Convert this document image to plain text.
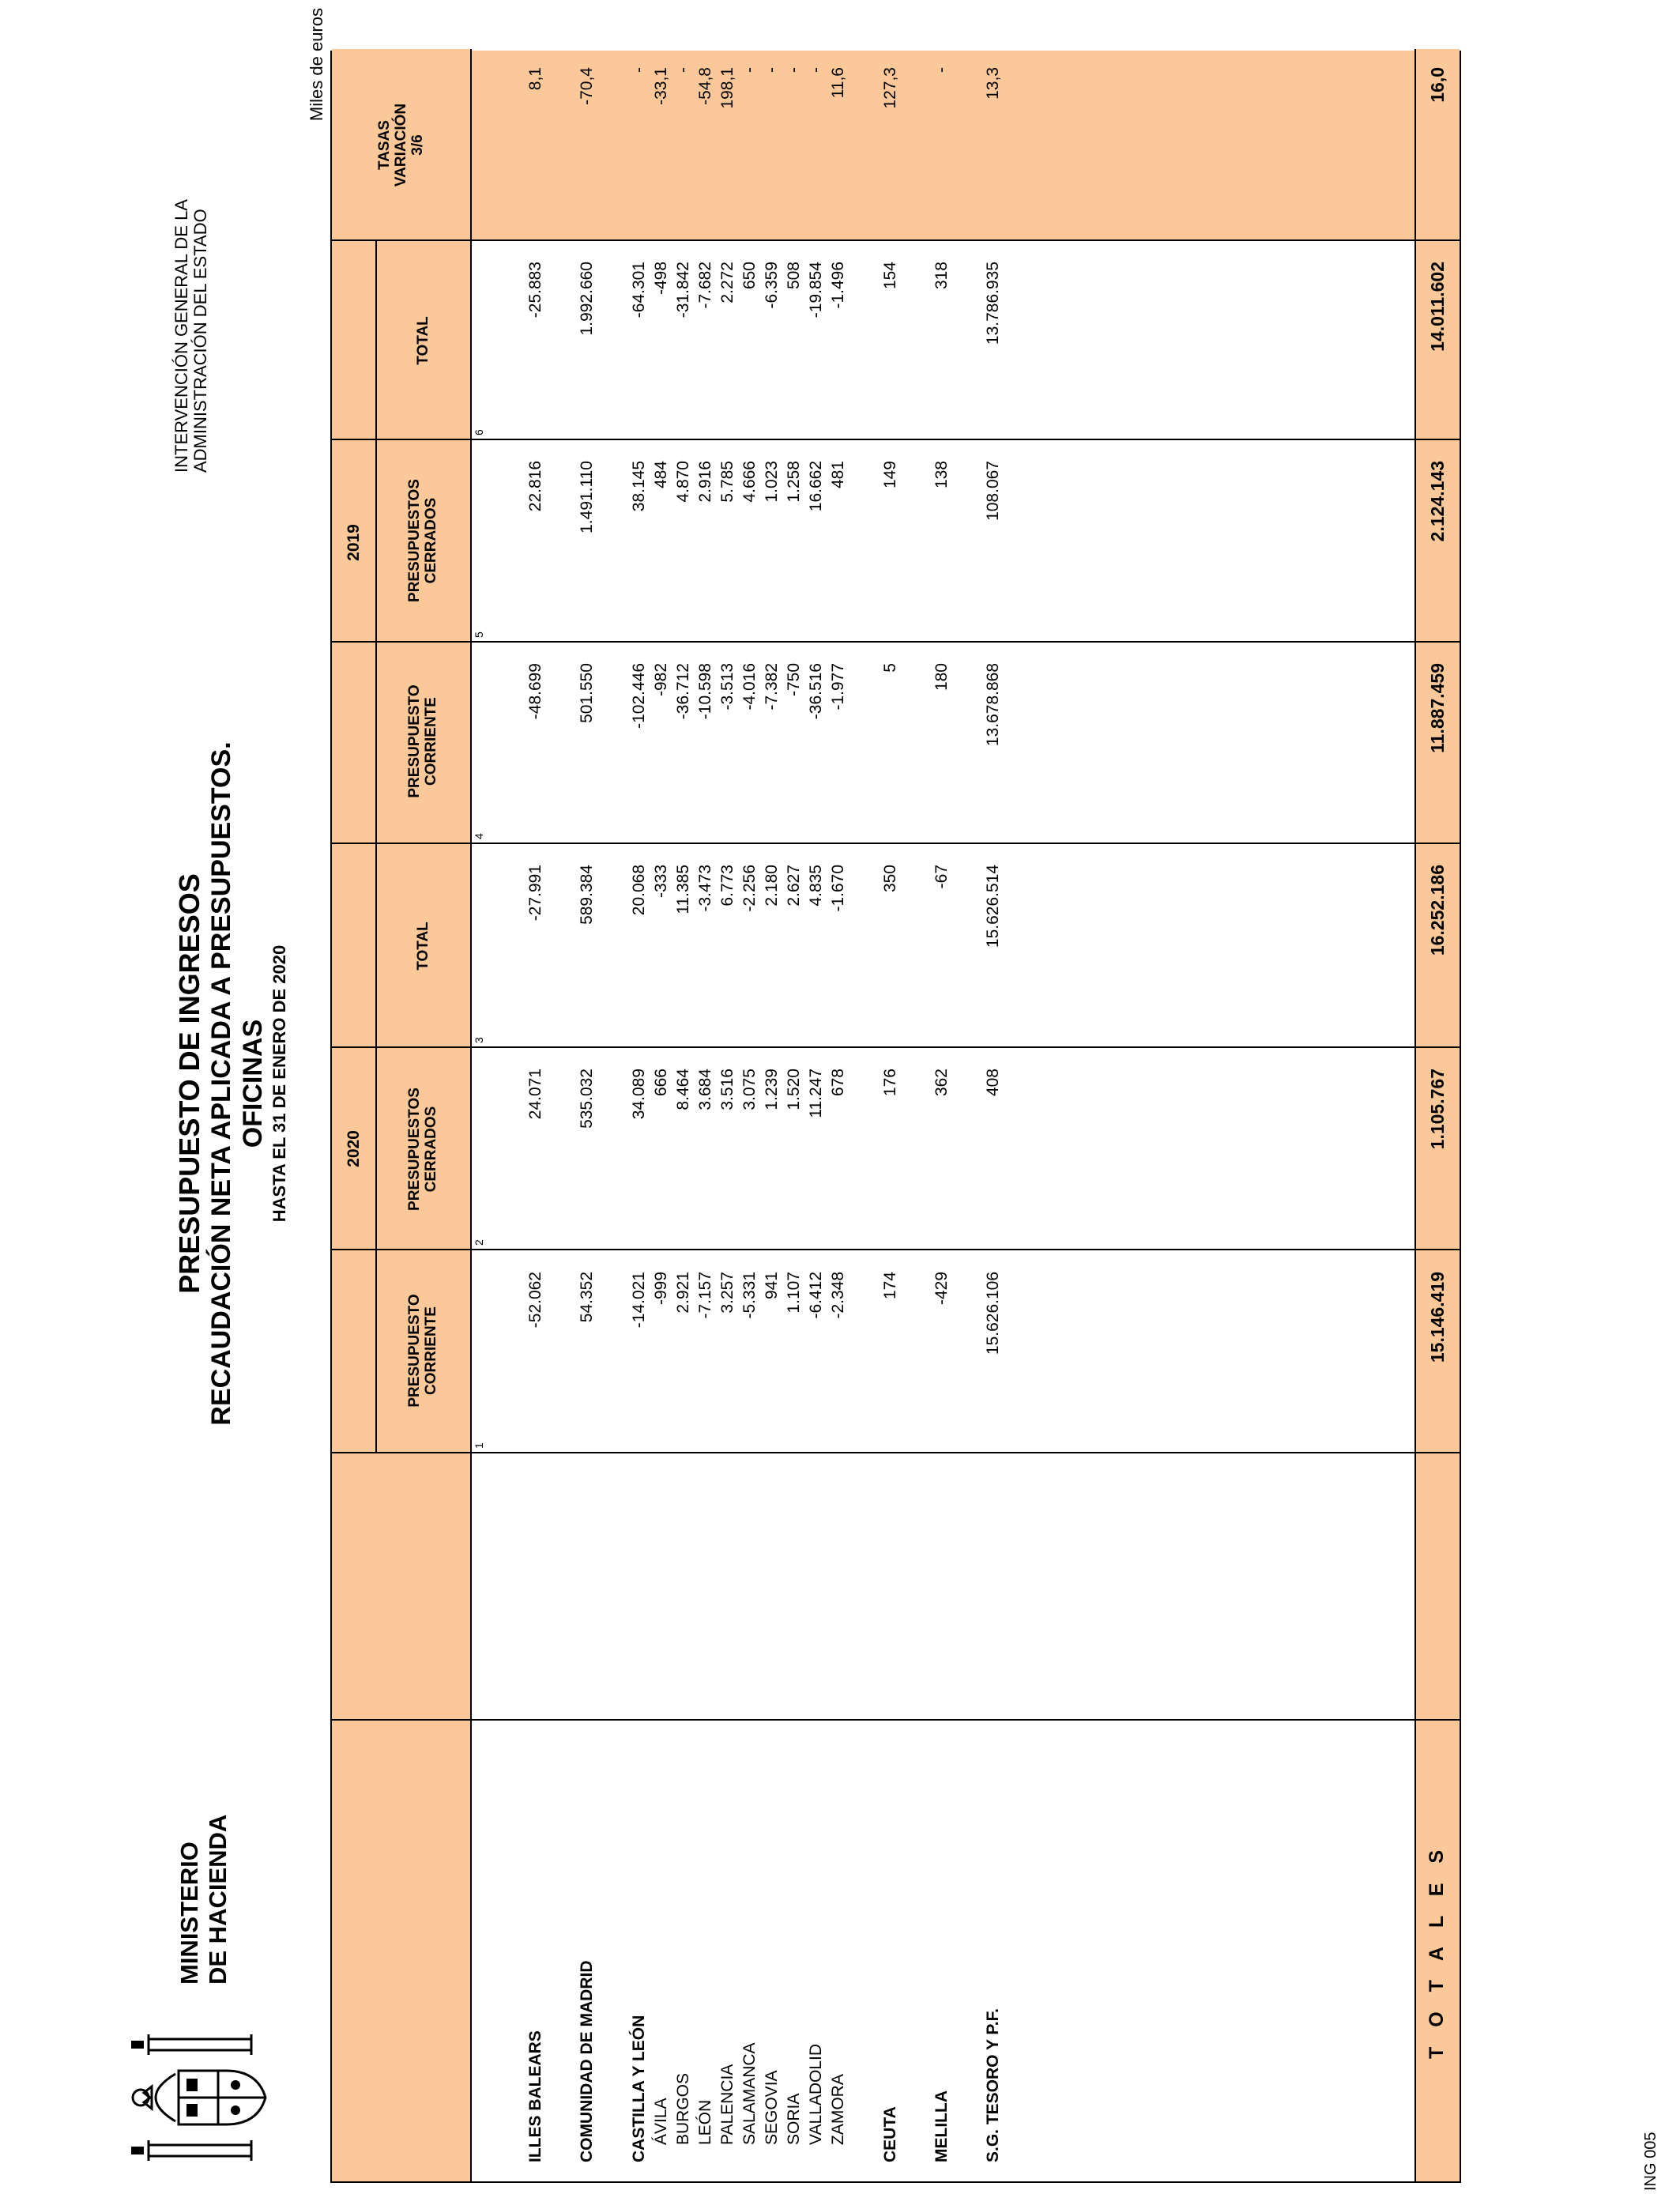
MINISTERIO DE HACIENDA
PRESUPUESTO DE INGRESOS RECAUDACIÓN NETA APLICADA A PRESUPUESTOS. OFICINAS HASTA EL 31 DE ENERO DE 2020
INTERVENCIÓN GENERAL DE LA ADMINISTRACIÓN DEL ESTADO
Miles de euros
ING 005
2020
2019
PRESUPUESTO CORRIENTE
PRESUPUESTOS CERRADOS
TOTAL
PRESUPUESTO CORRIENTE
PRESUPUESTOS CERRADOS
TOTAL
TASAS VARIACIÓN 3/6
1
2
3
4
5
6
ILLES BALEARS
-52.062
24.071
-27.991
-48.699
22.816
-25.883
8,1
COMUNIDAD DE MADRID
54.352
535.032
589.384
501.550
1.491.110
1.992.660
-70,4
CASTILLA Y LEÓN
-14.021
34.089
20.068
-102.446
38.145
-64.301
-
ÁVILA
-999
666
-333
-982
484
-498
-33,1
BURGOS
2.921
8.464
11.385
-36.712
4.870
-31.842
-
LEÓN
-7.157
3.684
-3.473
-10.598
2.916
-7.682
-54,8
PALENCIA
3.257
3.516
6.773
-3.513
5.785
2.272
198,1
SALAMANCA
-5.331
3.075
-2.256
-4.016
4.666
650
-
SEGOVIA
941
1.239
2.180
-7.382
1.023
-6.359
-
SORIA
1.107
1.520
2.627
-750
1.258
508
-
VALLADOLID
-6.412
11.247
4.835
-36.516
16.662
-19.854
-
ZAMORA
-2.348
678
-1.670
-1.977
481
-1.496
11,6
CEUTA
174
176
350
5
149
154
127,3
MELILLA
-429
362
-67
180
138
318
-
S.G. TESORO Y P.F.
15.626.106
408
15.626.514
13.678.868
108.067
13.786.935
13,3
T O T A L E S
15.146.419
1.105.767
16.252.186
11.887.459
2.124.143
14.011.602
16,0
